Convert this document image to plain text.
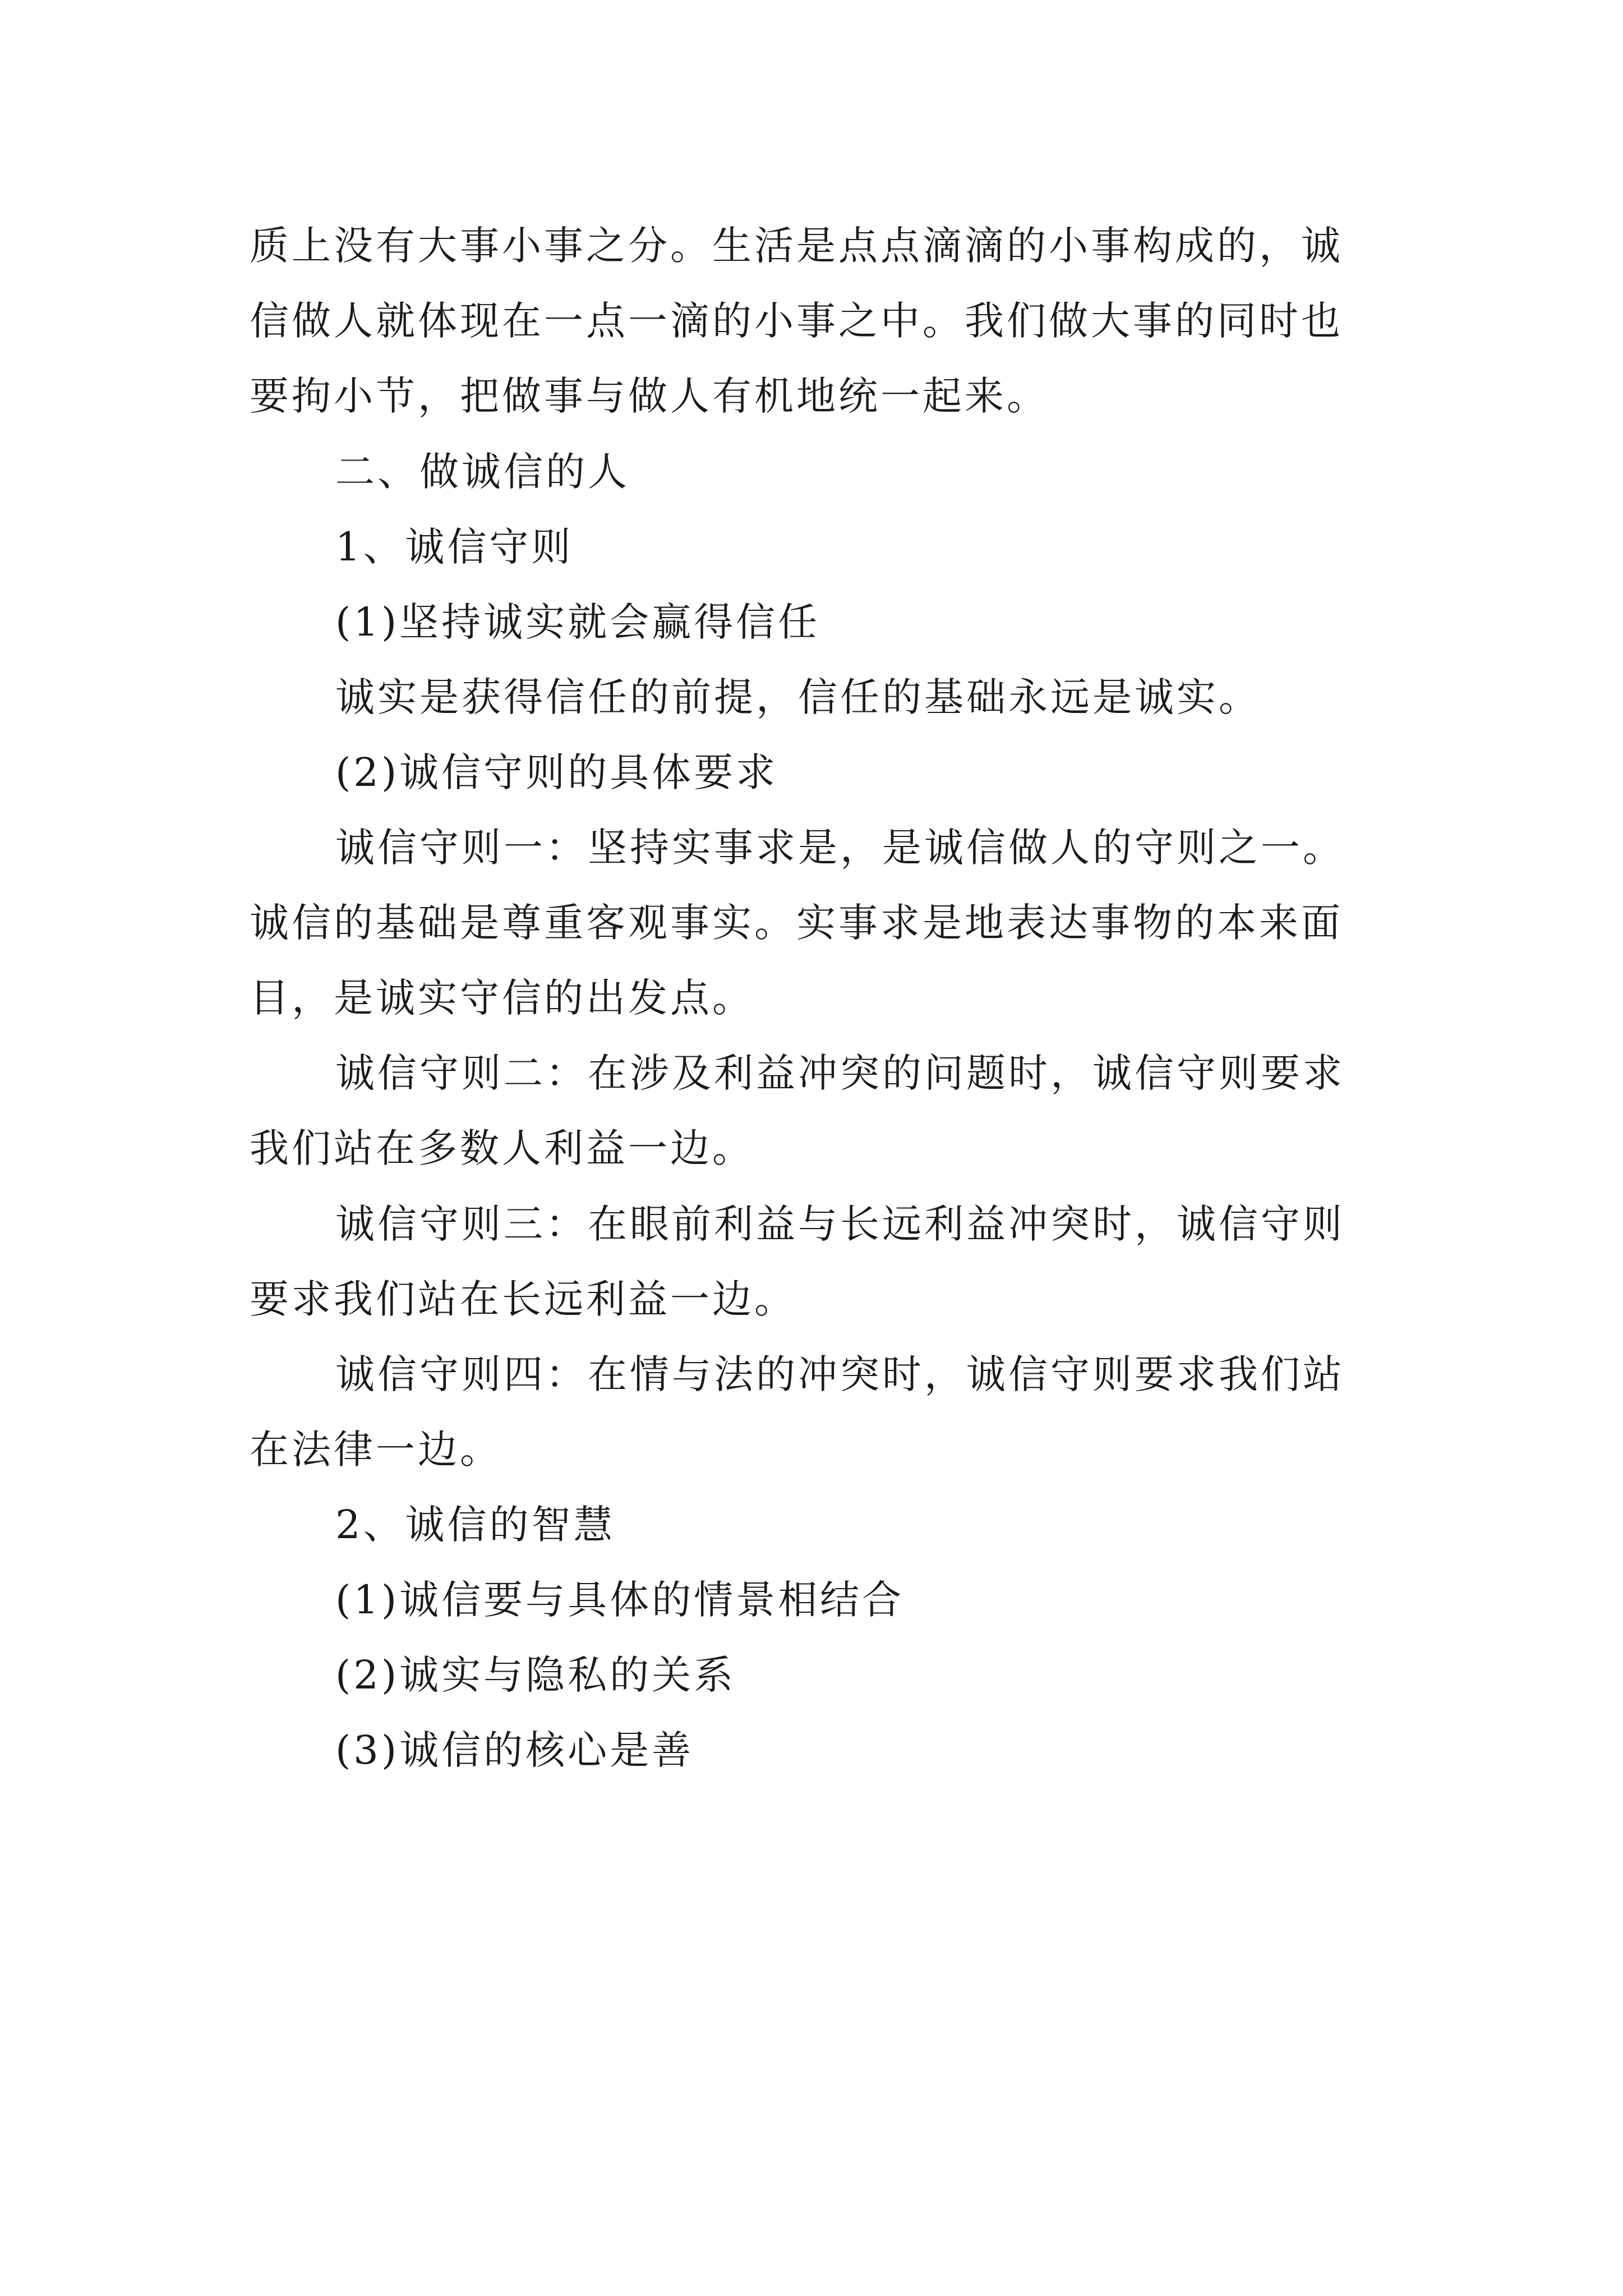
质上没有大事小事之分。生活是点点滴滴的小事构成的，诚
信做人就体现在一点一滴的小事之中。我们做大事的同时也
要拘小节，把做事与做人有机地统一起来。
二、做诚信的人
1、诚信守则
(1)坚持诚实就会赢得信任
诚实是获得信任的前提，信任的基础永远是诚实。
(2)诚信守则的具体要求
诚信守则一：坚持实事求是，是诚信做人的守则之一。
诚信的基础是尊重客观事实。实事求是地表达事物的本来面
目，是诚实守信的出发点。
诚信守则二：在涉及利益冲突的问题时，诚信守则要求
我们站在多数人利益一边。
诚信守则三：在眼前利益与长远利益冲突时，诚信守则
要求我们站在长远利益一边。
诚信守则四：在情与法的冲突时，诚信守则要求我们站
在法律一边。
2、诚信的智慧
(1)诚信要与具体的情景相结合
(2)诚实与隐私的关系
(3)诚信的核心是善
